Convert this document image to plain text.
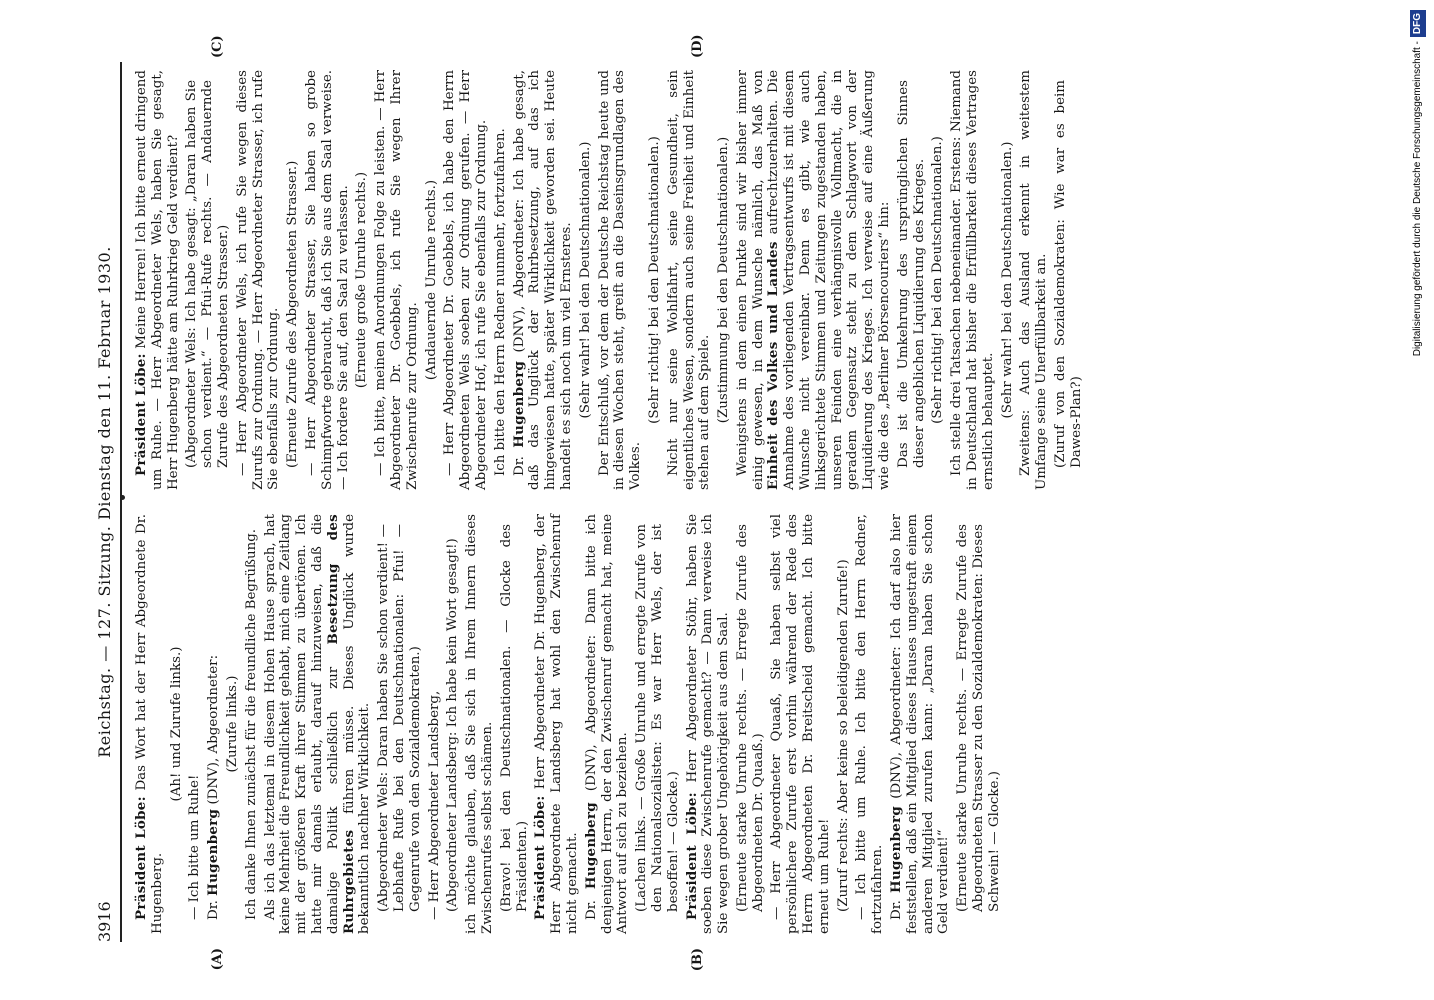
3916
Reichstag. — 127. Sitzung. Dienstag den 11. Februar 1930.
(A)	(B)
(C)	(D)

Präsident Löbe: Das Wort hat der Herr Abgeordnete Dr. Hugenberg.

(Ah! und Zurufe links.)

— Ich bitte um Ruhe! Dr. Hugenberg (DNV), Abgeordneter: (Zurufe links.) Ich danke Ihnen zunächst für die freundliche Begrüßung. Als ich das letztemal in diesem Hohen Hause sprach, hat keine Mehrheit die Freundlichkeit gehabt, mich eine Zeitlang mit der größeren Kraft ihrer Stimmen zu übertönen. Ich hatte mir damals erlaubt, darauf hinzuweisen, daß die damalige Politik schließlich zur Besetzung des Ruhrgebietes führen müsse. Dieses Unglück wurde bekanntlich nachher Wirklichkeit. (Abgeordneter Wels: Daran haben Sie schon verdient! — Lebhafte Rufe bei den Deutschnationalen: Pfui! — Gegenrufe von den Sozialdemokraten.) — Herr Abgeordneter Landsberg, (Abgeordneter Landsberg: Ich habe kein Wort gesagt!) ich möchte glauben, daß Sie sich in Ihrem Innern dieses Zwischenrufes selbst schämen. (Bravo! bei den Deutschnationalen. — Glocke des Präsidenten.) Präsident Löbe: Herr Abgeordneter Dr. Hugenberg, der Herr Abgeordnete Landsberg hat wohl den Zwischenruf nicht gemacht. Dr. Hugenberg (DNV), Abgeordneter: Dann bitte ich denjenigen Herrn, der den Zwischenruf gemacht hat, meine Antwort auf sich zu beziehen. (Lachen links. — Große Unruhe und erregte Zurufe von den Nationalsozialisten: Es war Herr Wels, der ist besoffen! — Glocke.) Präsident Löbe: Herr Abgeordneter Stöhr, haben Sie soeben diese Zwischenrufe gemacht? — Dann verweise ich Sie wegen grober Ungehörigkeit aus dem Saal. (Erneute starke Unruhe rechts. — Erregte Zurufe des Abgeordneten Dr. Quaaß.) — Herr Abgeordneter Quaaß, Sie haben selbst viel persönlichere Zurufe erst vorhin während der Rede des Herrn Abgeordneten Dr. Breitscheid gemacht. Ich bitte erneut um Ruhe! (Zuruf rechts: Aber keine so beleidigenden Zurufe!) — Ich bitte um Ruhe. Ich bitte den Herrn Redner, fortzufahren. Dr. Hugenberg (DNV), Abgeordneter: Ich darf also hier feststellen, daß ein Mitglied dieses Hauses ungestraft einem anderen Mitglied zurufen kann: „Daran haben Sie schon Geld verdient!“ (Erneute starke Unruhe rechts. — Erregte Zurufe des Abgeordneten Strasser zu den Sozialdemokraten: Dieses Schwein! — Glocke.)

Präsident Löbe: Meine Herren! Ich bitte erneut dringend um Ruhe. — Herr Abgeordneter Wels, haben Sie gesagt, Herr Hugenberg hätte am Ruhrkrieg Geld verdient? (Abgeordneter Wels: Ich habe gesagt: „Daran haben Sie schon verdient.“ — Pfui-Rufe rechts. — Andauernde Zurufe des Abgeordneten Strasser.) — Herr Abgeordneter Wels, ich rufe Sie wegen dieses Zurufs zur Ordnung. — Herr Abgeordneter Strasser, ich rufe Sie ebenfalls zur Ordnung. (Erneute Zurufe des Abgeordneten Strasser.) — Herr Abgeordneter Strasser, Sie haben so grobe Schimpfworte gebraucht, daß ich Sie aus dem Saal verweise. — Ich fordere Sie auf, den Saal zu verlassen. (Erneute große Unruhe rechts.) — Ich bitte, meinen Anordnungen Folge zu leisten. — Herr Abgeordneter Dr. Goebbels, ich rufe Sie wegen Ihrer Zwischenrufe zur Ordnung.

(Andauernde Unruhe rechts.) — Herr Abgeordneter Dr. Goebbels, ich habe den Herrn Abgeordneten Wels soeben zur Ordnung gerufen. — Herr Abgeordneter Hof, ich rufe Sie ebenfalls zur Ordnung. Ich bitte den Herrn Redner nunmehr, fortzufahren. Dr. Hugenberg (DNV), Abgeordneter: Ich habe gesagt, daß das Unglück der Ruhrbesetzung, auf das ich hingewiesen hatte, später Wirklichkeit geworden sei. Heute handelt es sich noch um viel Ernsteres. (Sehr wahr! bei den Deutschnationalen.) Der Entschluß, vor dem der Deutsche Reichstag heute und in diesen Wochen steht, greift an die Daseinsgrundlagen des Volkes.

(Sehr richtig! bei den Deutschnationalen.) Nicht nur seine Wohlfahrt, seine Gesundheit, sein eigentliches Wesen, sondern auch seine Freiheit und Einheit stehen auf dem Spiele. (Zustimmung bei den Deutschnationalen.) Wenigstens in dem einen Punkte sind wir bisher immer einig gewesen, in dem Wunsche nämlich, das Maß von Einheit des Volkes und Landes aufrechtzuerhalten. Die Annahme des vorliegenden Vertragsentwurfs ist mit diesem Wunsche nicht vereinbar. Denn es gibt, wie auch linksgerichtete Stimmen und Zeitungen zugestanden haben, unseren Feinden eine verhängnisvolle Vollmacht, die in geradem Gegensatz steht zu dem Schlagwort von der Liquidierung des Krieges. Ich verweise auf eine Äußerung wie die des „Berliner Börsencouriers“ hin: Das ist die Umkehrung des ursprünglichen Sinnes dieser angeblichen Liquidierung des Krieges. (Sehr richtig! bei den Deutschnationalen.) Ich stelle drei Tatsachen nebeneinander. Erstens: Niemand in Deutschland hat bisher die Erfüllbarkeit dieses Vertrages ernstlich behauptet.

(Sehr wahr! bei den Deutschnationalen.) Zweitens: Auch das Ausland erkennt in weitestem Umfange seine Unerfüllbarkeit an. (Zuruf von den Sozialdemokraten: Wie war es beim Dawes-Plan?)

Digitalisierung gefördert durch die Deutsche Forschungsgemeinschaft -DFG
